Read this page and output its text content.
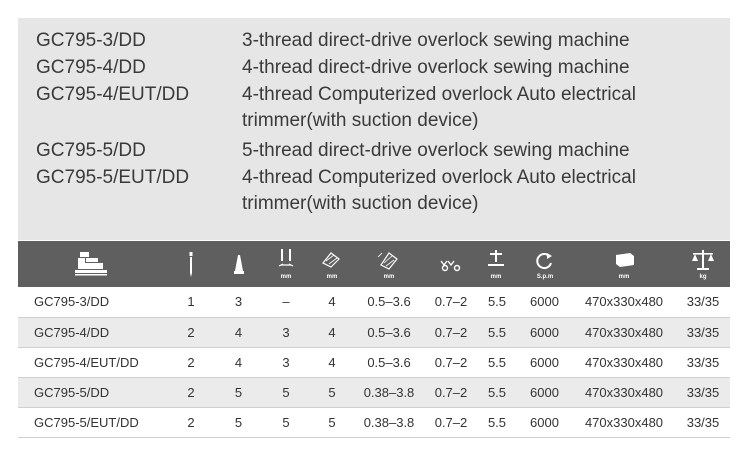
GC795-3/DD	3-thread direct-drive overlock sewing machine
GC795-4/DD	4-thread direct-drive overlock sewing machine
GC795-4/EUT/DD	4-thread Computerized overlock Auto electrical trimmer(with suction device)
GC795-5/DD	5-thread direct-drive overlock sewing machine
GC795-5/EUT/DD	4-thread Computerized overlock Auto electrical trimmer(with suction device)

mm	mm	mm		mm	S.p.m	mm	kg

GC795-3/DD	1	3	–	4	0.5–3.6	0.7–2	5.5	6000	470x330x480	33/35
GC795-4/DD	2	4	3	4	0.5–3.6	0.7–2	5.5	6000	470x330x480	33/35
GC795-4/EUT/DD	2	4	3	4	0.5–3.6	0.7–2	5.5	6000	470x330x480	33/35
GC795-5/DD	2	5	5	5	0.38–3.8	0.7–2	5.5	6000	470x330x480	33/35
GC795-5/EUT/DD	2	5	5	5	0.38–3.8	0.7–2	5.5	6000	470x330x480	33/35
